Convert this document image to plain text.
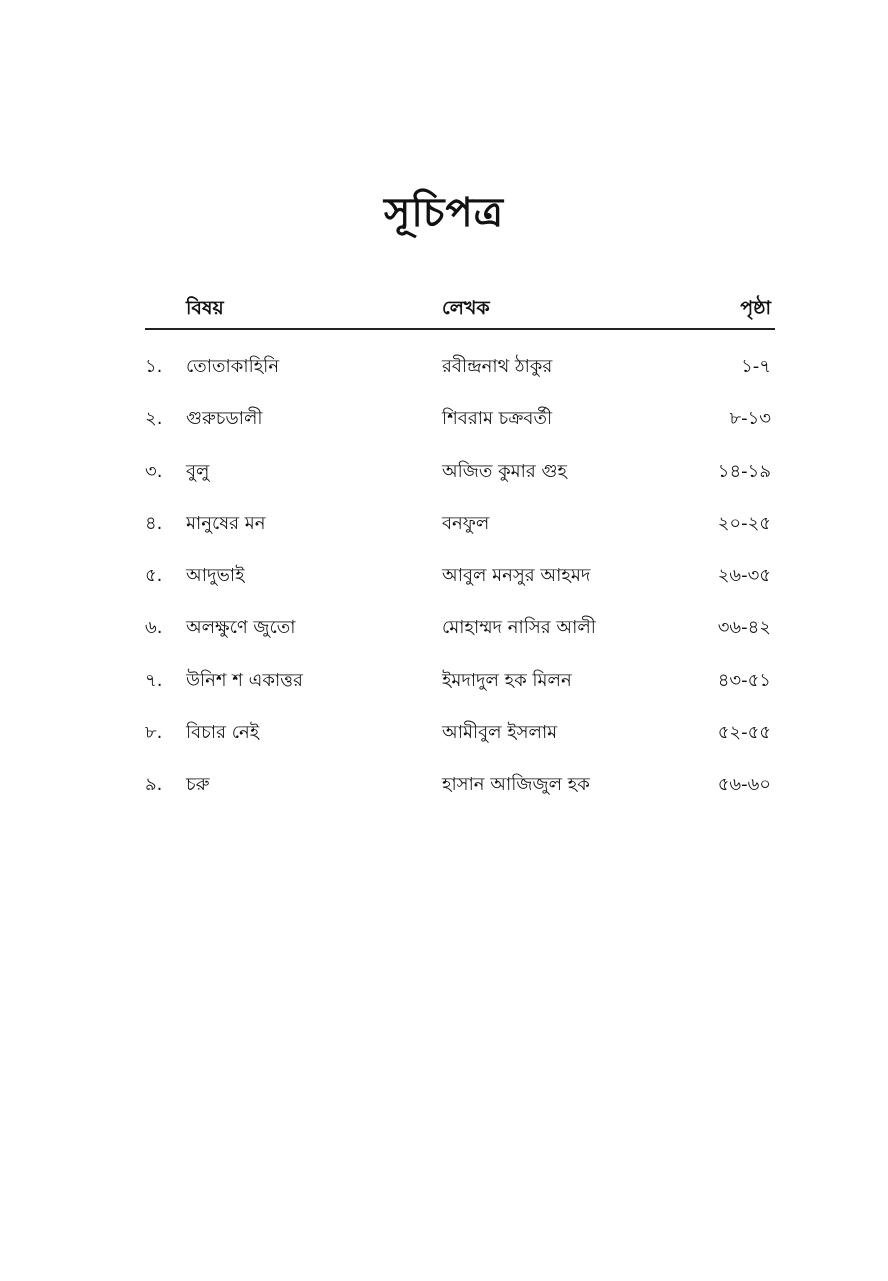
সূচিপত্র
বিষয়	লেখক	পৃষ্ঠা
১. তোতাকাহিনি	রবীন্দ্রনাথ ঠাকুর	১-৭
২. গুরুচডালী	শিবরাম চক্রবর্তী	৮-১৩
৩. বুলু	অজিত কুমার গুহ	১৪-১৯
৪. মানুষের মন	বনফুল	২০-২৫
৫. আদুভাই	আবুল মনসুর আহমদ	২৬-৩৫
৬. অলক্ষুণে জুতো	মোহাম্মদ নাসির আলী	৩৬-৪২
৭. উনিশ শ একাত্তর	ইমদাদুল হক মিলন	৪৩-৫১
৮. বিচার নেই	আমীবুল ইসলাম	৫২-৫৫
৯. চরু	হাসান আজিজুল হক	৫৬-৬০
